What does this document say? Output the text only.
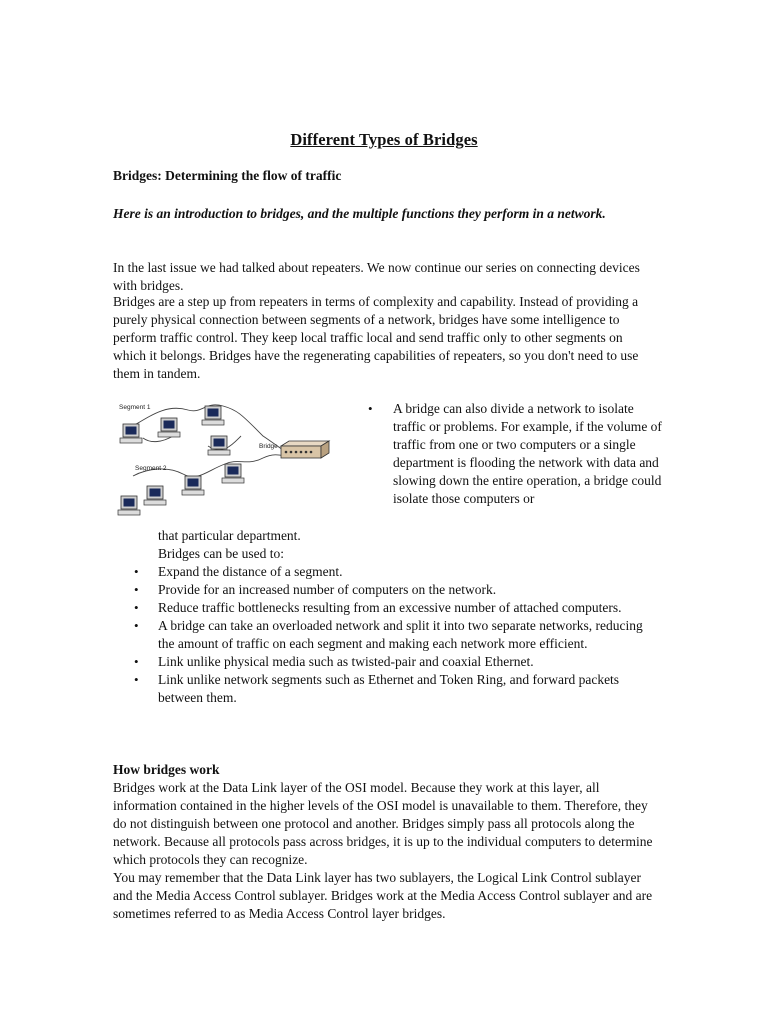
Different Types of Bridges
Bridges: Determining the flow of traffic
Here is an introduction to bridges, and the multiple functions they perform in a network.
In the last issue we had talked about repeaters. We now continue our series on connecting devices with bridges.
Bridges are a step up from repeaters in terms of complexity and capability. Instead of providing a purely physical connection between segments of a network, bridges have some intelligence to perform traffic control. They keep local traffic local and send traffic only to other segments on which it belongs. Bridges have the regenerating capabilities of repeaters, so you don't need to use them in tandem.
Segment 1
Segment 2
Bridge
• A bridge can also divide a network to isolate traffic or problems. For example, if the volume of traffic from one or two computers or a single department is flooding the network with data and slowing down the entire operation, a bridge could isolate those computers or
that particular department.
Bridges can be used to:
• Expand the distance of a segment.
• Provide for an increased number of computers on the network.
• Reduce traffic bottlenecks resulting from an excessive number of attached computers.
• A bridge can take an overloaded network and split it into two separate networks, reducing the amount of traffic on each segment and making each network more efficient.
• Link unlike physical media such as twisted-pair and coaxial Ethernet.
• Link unlike network segments such as Ethernet and Token Ring, and forward packets between them.
How bridges work
Bridges work at the Data Link layer of the OSI model. Because they work at this layer, all information contained in the higher levels of the OSI model is unavailable to them. Therefore, they do not distinguish between one protocol and another. Bridges simply pass all protocols along the network. Because all protocols pass across bridges, it is up to the individual computers to determine which protocols they can recognize.
You may remember that the Data Link layer has two sublayers, the Logical Link Control sublayer and the Media Access Control sublayer. Bridges work at the Media Access Control sublayer and are sometimes referred to as Media Access Control layer bridges.
